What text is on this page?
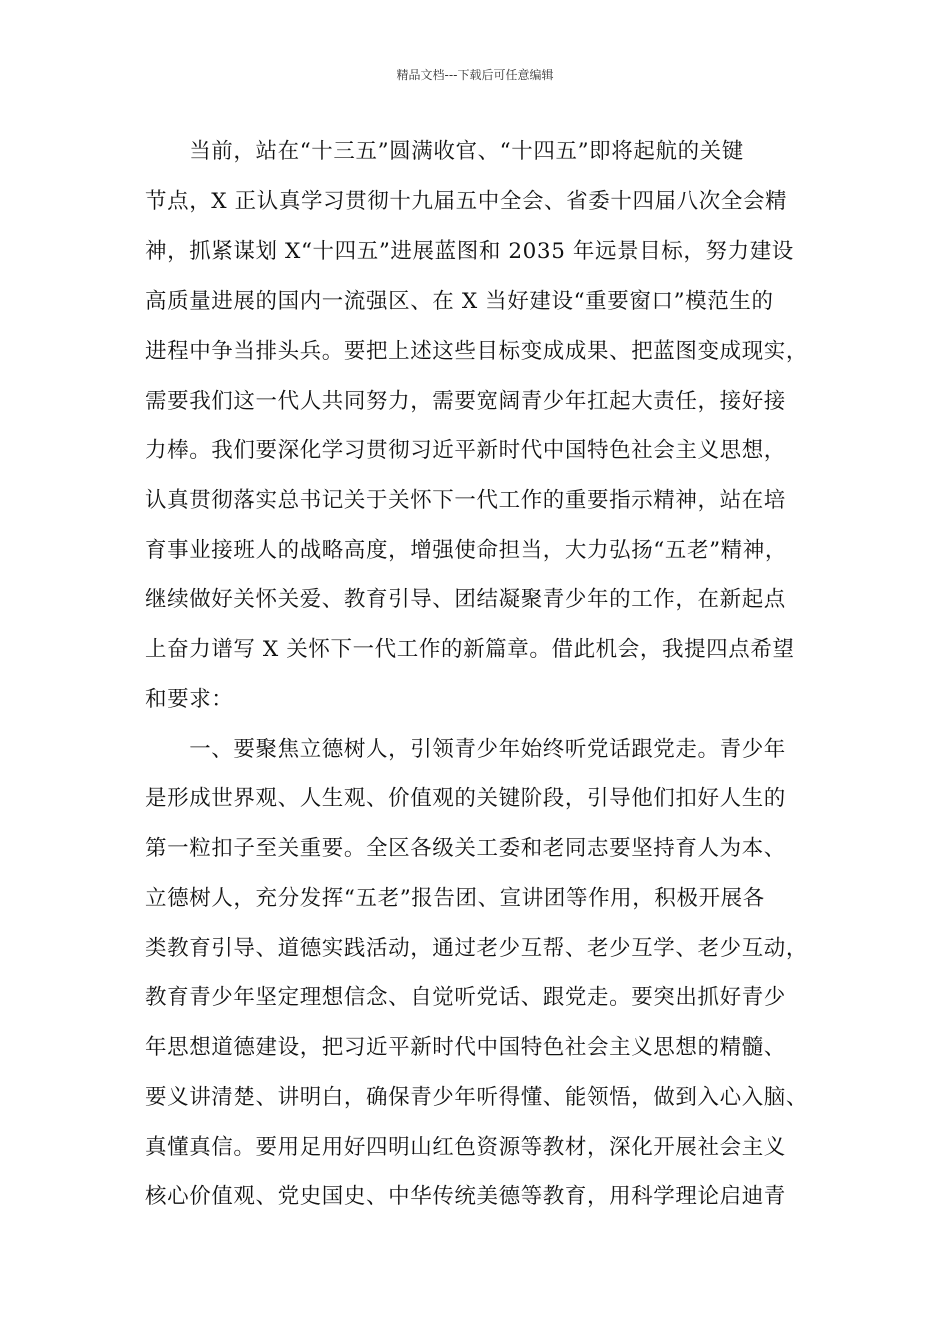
精品文档---下载后可任意编辑
　　当前，站在“十三五”圆满收官、“十四五”即将起航的关键
节点，X 正认真学习贯彻十九届五中全会、省委十四届八次全会精
神，抓紧谋划 X“十四五”进展蓝图和 2035 年远景目标，努力建设
高质量进展的国内一流强区、在 X 当好建设“重要窗口”模范生的
进程中争当排头兵。要把上述这些目标变成成果、把蓝图变成现实，
需要我们这一代人共同努力，需要宽阔青少年扛起大责任，接好接
力棒。我们要深化学习贯彻习近平新时代中国特色社会主义思想，
认真贯彻落实总书记关于关怀下一代工作的重要指示精神，站在培
育事业接班人的战略高度，增强使命担当，大力弘扬“五老”精神，
继续做好关怀关爱、教育引导、团结凝聚青少年的工作，在新起点
上奋力谱写 X 关怀下一代工作的新篇章。借此机会，我提四点希望
和要求：
　　一、要聚焦立德树人，引领青少年始终听党话跟党走。青少年
是形成世界观、人生观、价值观的关键阶段，引导他们扣好人生的
第一粒扣子至关重要。全区各级关工委和老同志要坚持育人为本、
立德树人，充分发挥“五老”报告团、宣讲团等作用，积极开展各
类教育引导、道德实践活动，通过老少互帮、老少互学、老少互动，
教育青少年坚定理想信念、自觉听党话、跟党走。要突出抓好青少
年思想道德建设，把习近平新时代中国特色社会主义思想的精髓、
要义讲清楚、讲明白，确保青少年听得懂、能领悟，做到入心入脑、
真懂真信。要用足用好四明山红色资源等教材，深化开展社会主义
核心价值观、党史国史、中华传统美德等教育，用科学理论启迪青
